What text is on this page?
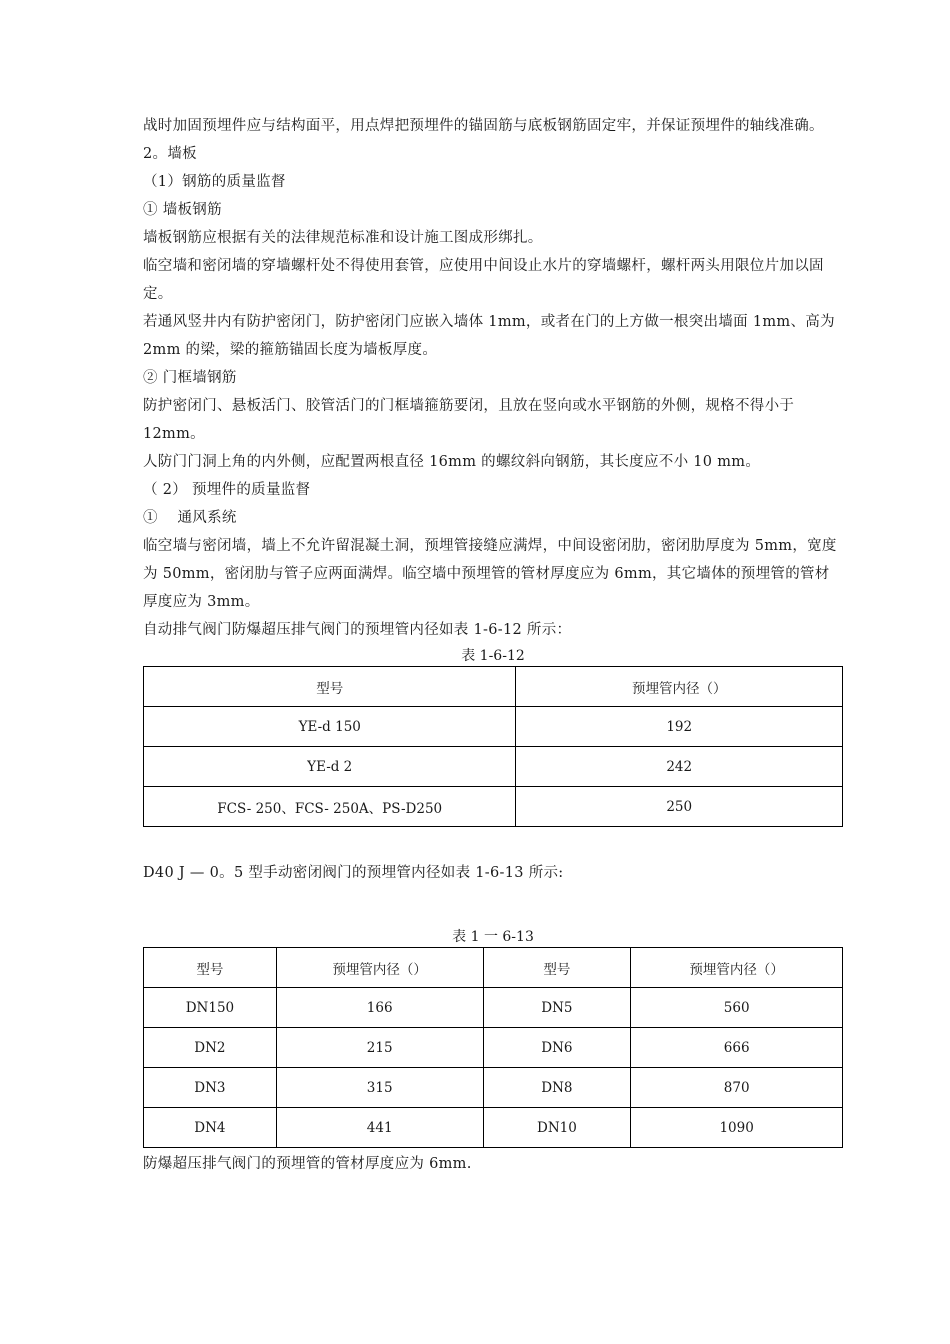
战时加固预埋件应与结构面平，用点焊把预埋件的锚固筋与底板钢筋固定牢，并保证预埋件的轴线准确。

2。墙板

（1）钢筋的质量监督

① 墙板钢筋

墙板钢筋应根据有关的法律规范标准和设计施工图成形绑扎。

临空墙和密闭墙的穿墙螺杆处不得使用套管，应使用中间设止水片的穿墙螺杆，螺杆两头用限位片加以固定。

若通风竖井内有防护密闭门，防护密闭门应嵌入墙体 1mm，或者在门的上方做一根突出墙面 1mm、高为 2mm 的梁，梁的箍筋锚固长度为墙板厚度。

② 门框墙钢筋

防护密闭门、悬板活门、胶管活门的门框墙箍筋要闭，且放在竖向或水平钢筋的外侧，规格不得小于 12mm。

人防门门洞上角的内外侧，应配置两根直径 16mm 的螺纹斜向钢筋，其长度应不小 10 mm。

（ 2） 预埋件的质量监督

①　 通风系统

临空墙与密闭墙，墙上不允许留混凝土洞，预埋管接缝应满焊，中间设密闭肋，密闭肋厚度为 5mm，宽度为 50mm，密闭肋与管子应两面满焊。临空墙中预埋管的管材厚度应为 6mm，其它墙体的预埋管的管材厚度应为 3mm。

自动排气阀门防爆超压排气阀门的预埋管内径如表 1-6-12 所示：

表 1-6-12

型号	预埋管内径（）
YE-d 150	192
YE-d 2	242
FCS- 250、FCS- 250A、PS-D250	250

D40 J — 0。5 型手动密闭阀门的预埋管内径如表 1-6-13 所示:

表 1 一 6-13

型号	预埋管内径（）	型号	预埋管内径（）
DN150	166	DN5	560
DN2	215	DN6	666
DN3	315	DN8	870
DN4	441	DN10	1090

防爆超压排气阀门的预埋管的管材厚度应为 6mm.
